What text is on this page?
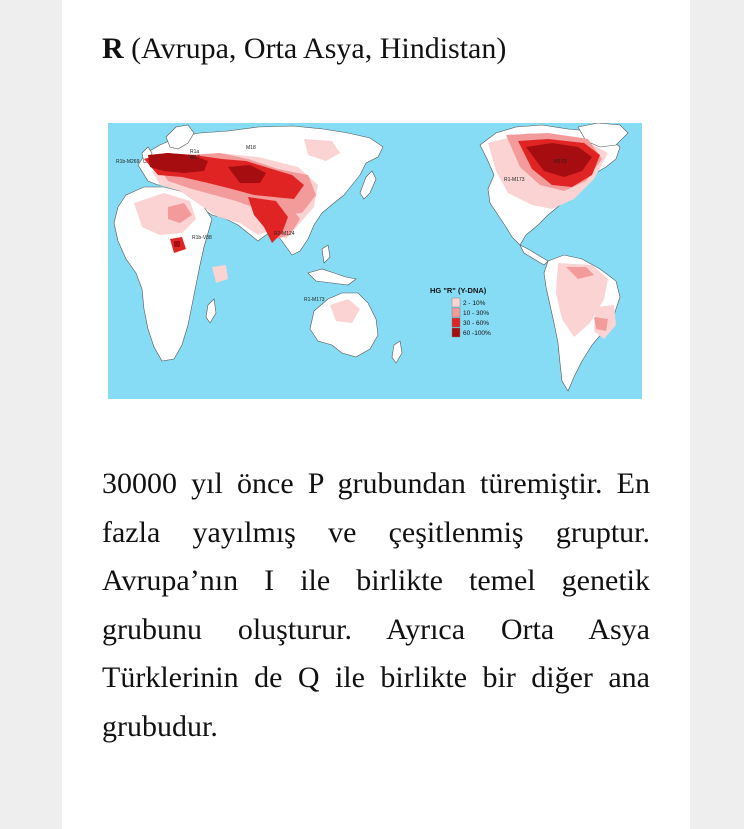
R (Avrupa, Orta Asya, Hindistan)
R1b-M269
R1b-V88
R1a
M17
M18
R2-M124
R1-M173
R1-M173
M173
HG "R" (Y-DNA)
2 - 10%
10 - 30%
30 - 60%
60 -100%

30000 yıl önce P grubundan türemiştir. En fazla yayılmış ve çeşitlenmiş gruptur. Avrupa’nın I ile birlikte temel genetik grubunu oluşturur. Ayrıca Orta Asya Türklerinin de Q ile birlikte bir diğer ana grubudur.
